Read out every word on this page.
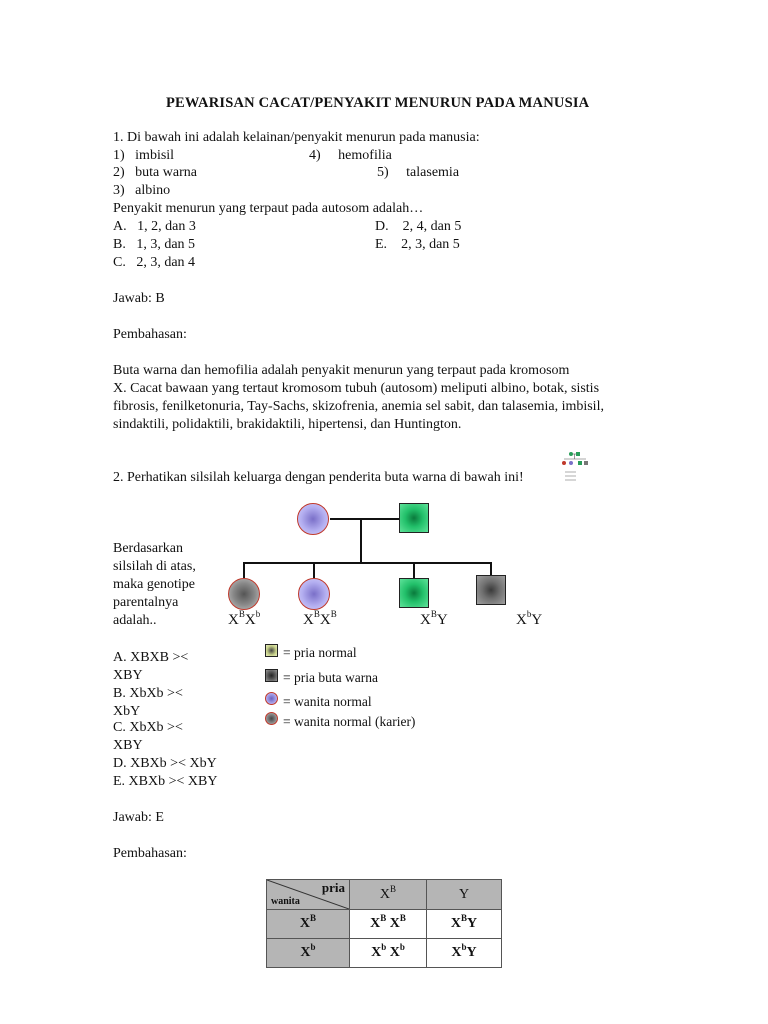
PEWARISAN CACAT/PENYAKIT MENURUN PADA MANUSIA
1. Di bawah ini adalah kelainan/penyakit menurun pada manusia:
1) imbisil	4) hemofilia
2) buta warna	5) talasemia
3) albino
Penyakit menurun yang terpaut pada autosom adalah…
A. 1, 2, dan 3	D. 2, 4, dan 5
B. 1, 3, dan 5	E. 2, 3, dan 5
C. 2, 3, dan 4
Jawab: B
Pembahasan:
Buta warna dan hemofilia adalah penyakit menurun yang terpaut pada kromosom
X. Cacat bawaan yang tertaut kromosom tubuh (autosom) meliputi albino, botak, sistis
fibrosis, fenilketonuria, Tay-Sachs, skizofrenia, anemia sel sabit, dan talasemia, imbisil,
sindaktili, polidaktili, brakidaktili, hipertensi, dan Huntington.
2. Perhatikan silsilah keluarga dengan penderita buta warna di bawah ini!
$X^BX^b$	$X^BX^B$	$X^BY$	$X^bY$
Berdasarkan
silsilah di atas,
maka genotipe
parentalnya
adalah..
= pria normal
= pria buta warna
= wanita normal
= wanita normal (karier)
A. XBXB ><
XBY
B. XbXb ><
XbY
C. XbXb ><
XBY
D. XBXb >< XbY
E. XBXb >< XBY
Jawab: E
Pembahasan:
pria
wanita	$X^B$	Y
$X^B$	$X^B$ $X^B$	$X^BY$
$X^b$	$X^b$ $X^b$	$X^bY$
